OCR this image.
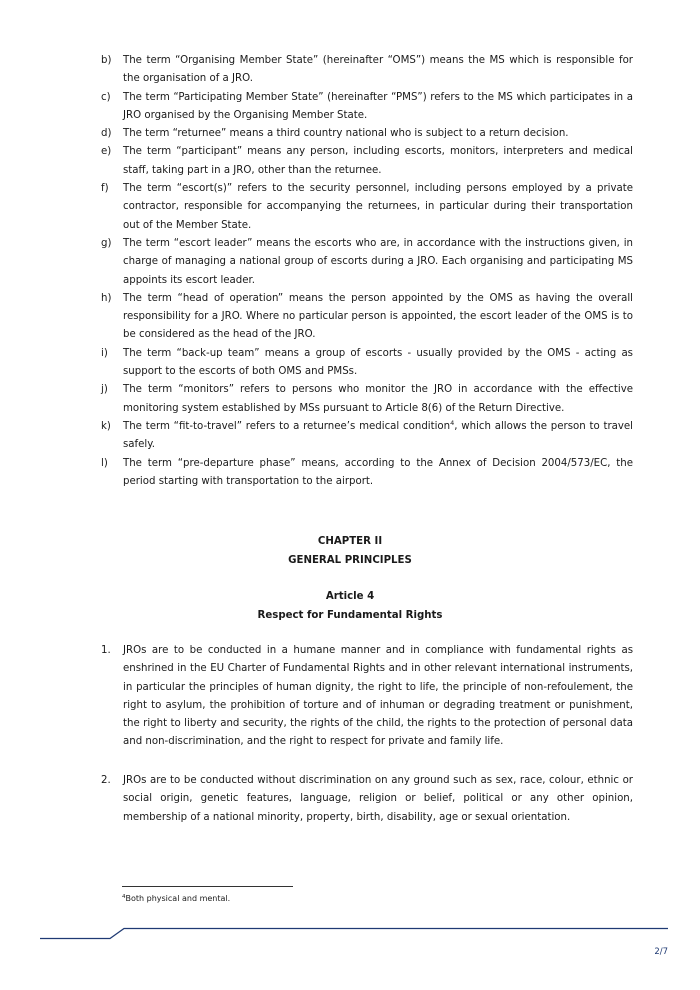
b) The term “Organising Member State” (hereinafter “OMS”) means the MS which is responsible for the organisation of a JRO.
c) The term “Participating Member State” (hereinafter “PMS”) refers to the MS which participates in a JRO organised by the Organising Member State.
d) The term “returnee” means a third country national who is subject to a return decision.
e) The term “participant” means any person, including escorts, monitors, interpreters and medical staff, taking part in a JRO, other than the returnee.
f) The term “escort(s)” refers to the security personnel, including persons employed by a private contractor, responsible for accompanying the returnees, in particular during their transportation out of the Member State.
g) The term “escort leader” means the escorts who are, in accordance with the instructions given, in charge of managing a national group of escorts during a JRO. Each organising and participating MS appoints its escort leader.
h) The term “head of operation” means the person appointed by the OMS as having the overall responsibility for a JRO. Where no particular person is appointed, the escort leader of the OMS is to be considered as the head of the JRO.
i) The term “back-up team” means a group of escorts - usually provided by the OMS - acting as support to the escorts of both OMS and PMSs.
j) The term “monitors” refers to persons who monitor the JRO in accordance with the effective monitoring system established by MSs pursuant to Article 8(6) of the Return Directive.
k) The term “fit-to-travel” refers to a returnee’s medical condition$^4$, which allows the person to travel safely.
l) The term “pre-departure phase” means, according to the Annex of Decision 2004/573/EC, the period starting with transportation to the airport.
CHAPTER II
GENERAL PRINCIPLES
Article 4
Respect for Fundamental Rights
1. JROs are to be conducted in a humane manner and in compliance with fundamental rights as enshrined in the EU Charter of Fundamental Rights and in other relevant international instruments, in particular the principles of human dignity, the right to life, the principle of non-refoulement, the right to asylum, the prohibition of torture and of inhuman or degrading treatment or punishment, the right to liberty and security, the rights of the child, the rights to the protection of personal data and non-discrimination, and the right to respect for private and family life.
2. JROs are to be conducted without discrimination on any ground such as sex, race, colour, ethnic or social origin, genetic features, language, religion or belief, political or any other opinion, membership of a national minority, property, birth, disability, age or sexual orientation.
$^4$Both physical and mental.
2/7
